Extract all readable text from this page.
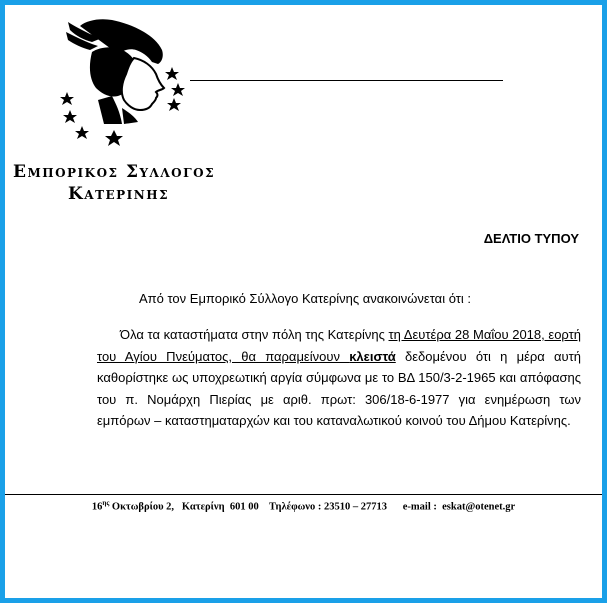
Εμπορικος Συλλογος
Κατερινης
ΔΕΛΤΙΟ ΤΥΠΟΥ
Από τον Εμπορικό Σύλλογο Κατερίνης ανακοινώνεται ότι :
Όλα τα καταστήματα στην πόλη της Κατερίνης τη Δευτέρα 28 Μαΐου 2018, εορτή του Αγίου Πνεύματος, θα παραμείνουν κλειστά δεδομένου ότι η μέρα αυτή καθορίστηκε ως υποχρεωτική αργία σύμφωνα με το ΒΔ 150/3-2-1965 και απόφασης του π. Νομάρχη Πιερίας με αριθ. πρωτ: 306/18-6-1977 για ενημέρωση των εμπόρων – καταστηματαρχών και του καταναλωτικού κοινού του Δήμου Κατερίνης.
$16^{\eta\varsigma}$ Οκτωβρίου 2,   Κατερίνη  601 00    Τηλέφωνο : 23510 – 27713      e-mail :  eskat@otenet.gr
